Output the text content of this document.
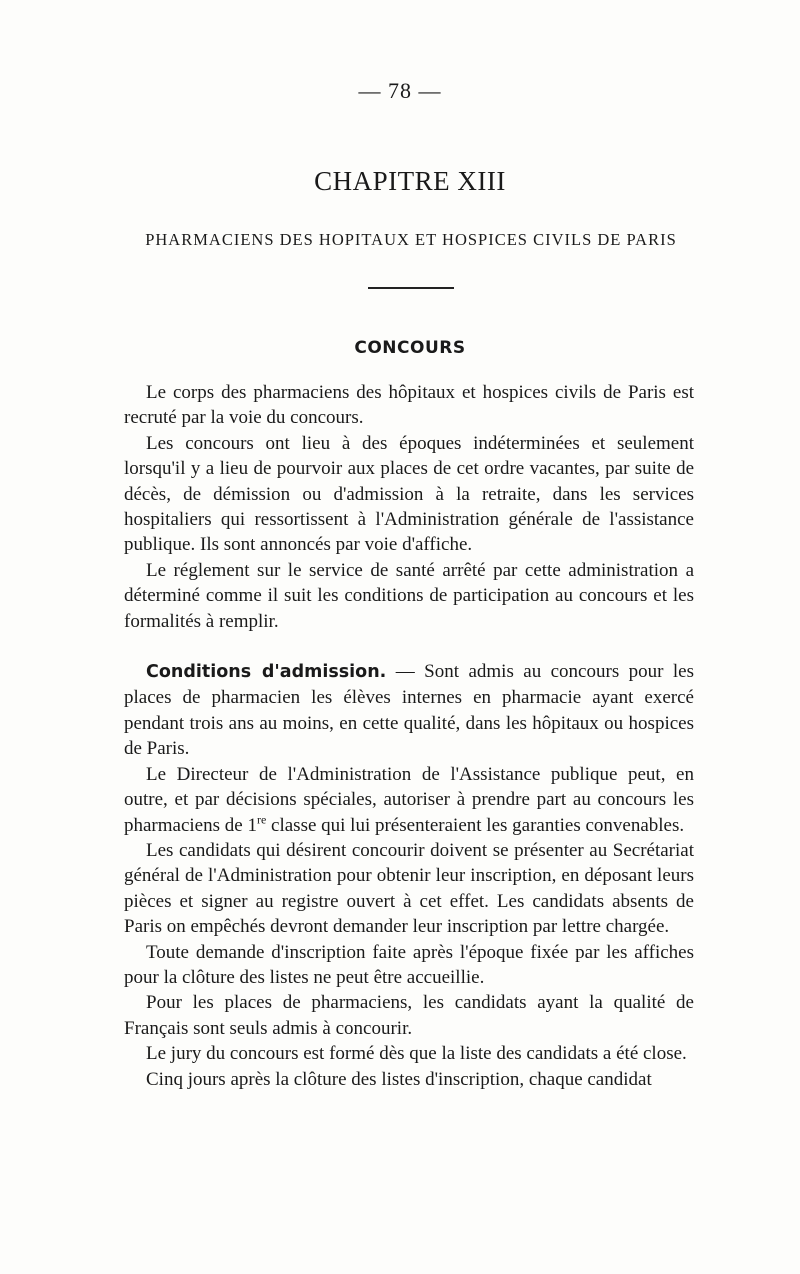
— 78 —
CHAPITRE XIII
PHARMACIENS DES HOPITAUX ET HOSPICES CIVILS DE PARIS
CONCOURS

Le corps des pharmaciens des hôpitaux et hospices civils de Paris est recruté par la voie du concours.

Les concours ont lieu à des époques indéterminées et seulement lorsqu'il y a lieu de pourvoir aux places de cet ordre vacantes, par suite de décès, de démission ou d'admission à la retraite, dans les services hospitaliers qui ressortissent à l'Administration générale de l'assistance publique. Ils sont annoncés par voie d'affiche.

Le réglement sur le service de santé arrêté par cette administration a déterminé comme il suit les conditions de participation au concours et les formalités à remplir.

Conditions d'admission. — Sont admis au concours pour les places de pharmacien les élèves internes en pharmacie ayant exercé pendant trois ans au moins, en cette qualité, dans les hôpitaux ou hospices de Paris.

Le Directeur de l'Administration de l'Assistance publique peut, en outre, et par décisions spéciales, autoriser à prendre part au concours les pharmaciens de 1re classe qui lui présenteraient les garanties convenables.

Les candidats qui désirent concourir doivent se présenter au Secrétariat général de l'Administration pour obtenir leur inscription, en déposant leurs pièces et signer au registre ouvert à cet effet. Les candidats absents de Paris on empêchés devront demander leur inscription par lettre chargée.

Toute demande d'inscription faite après l'époque fixée par les affiches pour la clôture des listes ne peut être accueillie.

Pour les places de pharmaciens, les candidats ayant la qualité de Français sont seuls admis à concourir.

Le jury du concours est formé dès que la liste des candidats a été close.

Cinq jours après la clôture des listes d'inscription, chaque candidat
